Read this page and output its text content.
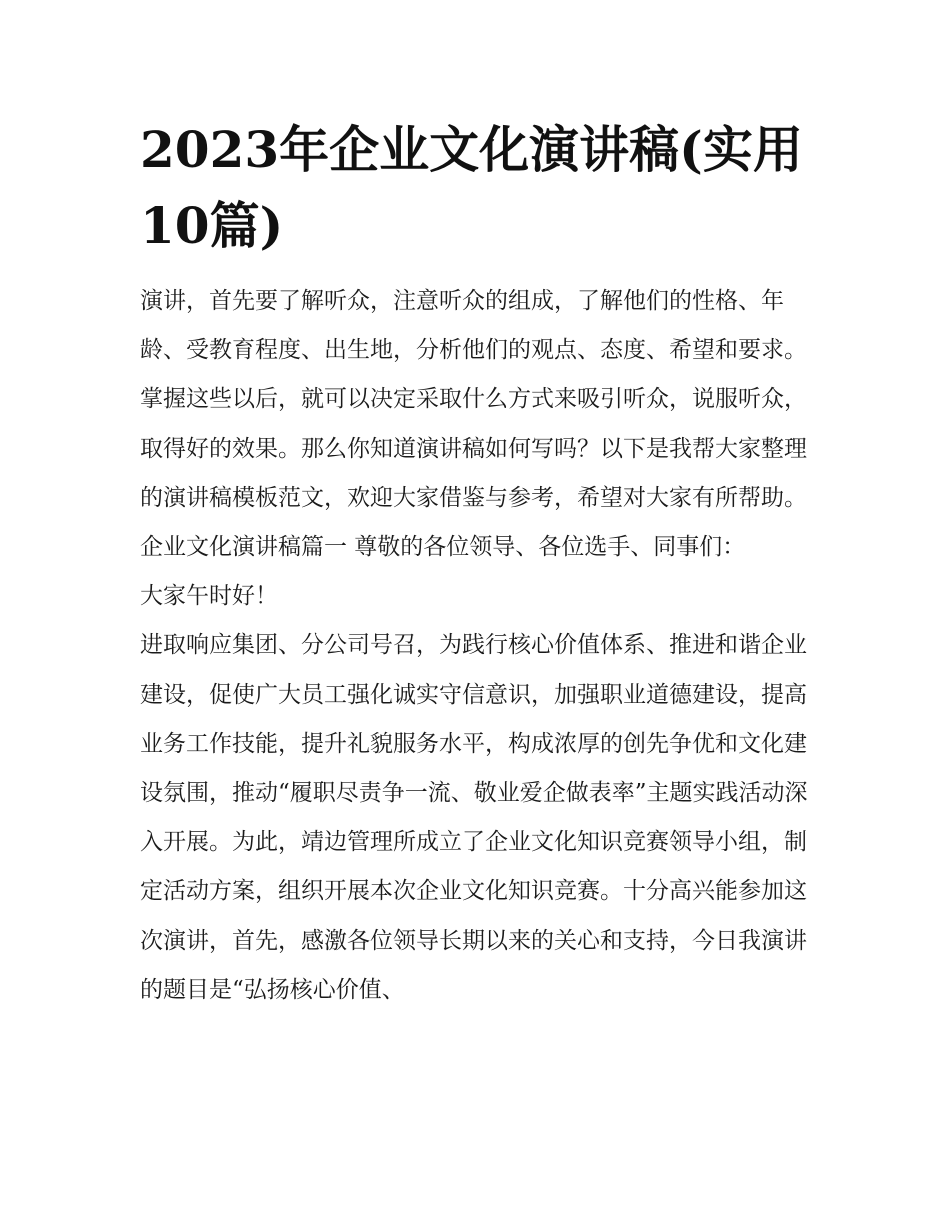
2023年企业文化演讲稿(实用10篇)

演讲，首先要了解听众，注意听众的组成，了解他们的性格、年龄、受教育程度、出生地，分析他们的观点、态度、希望和要求。掌握这些以后，就可以决定采取什么方式来吸引听众，说服听众，取得好的效果。那么你知道演讲稿如何写吗？以下是我帮大家整理的演讲稿模板范文，欢迎大家借鉴与参考，希望对大家有所帮助。

企业文化演讲稿篇一 尊敬的各位领导、各位选手、同事们：

大家午时好！

进取响应集团、分公司号召，为践行核心价值体系、推进和谐企业建设，促使广大员工强化诚实守信意识，加强职业道德建设，提高业务工作技能，提升礼貌服务水平，构成浓厚的创先争优和文化建设氛围，推动“履职尽责争一流、敬业爱企做表率”主题实践活动深入开展。为此，靖边管理所成立了企业文化知识竞赛领导小组，制定活动方案，组织开展本次企业文化知识竞赛。十分高兴能参加这次演讲，首先，感激各位领导长期以来的关心和支持，今日我演讲的题目是“弘扬核心价值、
